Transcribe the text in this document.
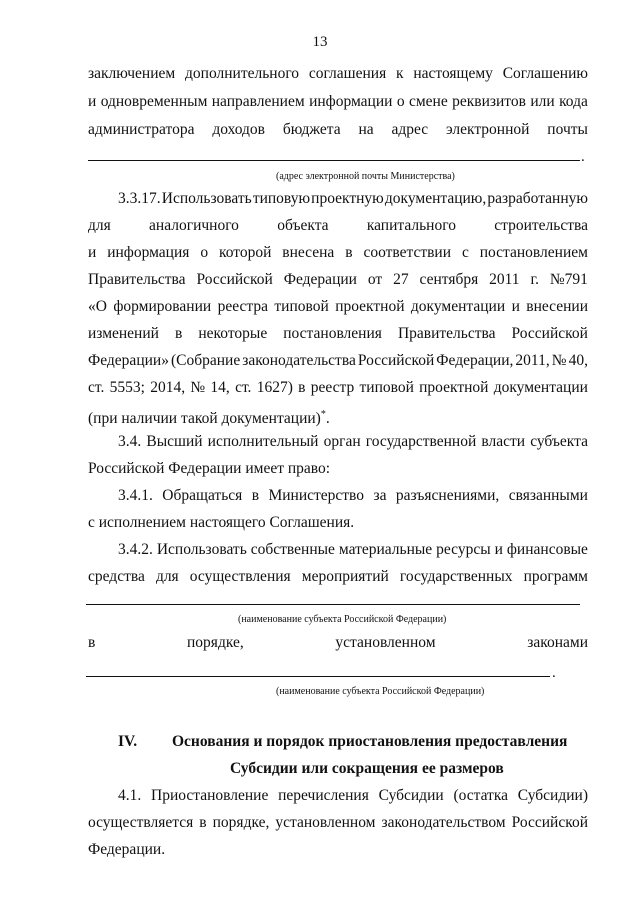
13
заключением дополнительного соглашения к настоящему Соглашению
и одновременным направлением информации о смене реквизитов или кода
администратора доходов бюджета на адрес электронной почты
.
(адрес электронной почты Министерства)
3.3.17. Использовать типовую проектную документацию, разработанную
для аналогичного объекта капитального строительства
и информация о которой внесена в соответствии с постановлением
Правительства Российской Федерации от 27 сентября 2011 г. №791
«О формировании реестра типовой проектной документации и внесении
изменений в некоторые постановления Правительства Российской
Федерации» (Собрание законодательства Российской Федерации, 2011, № 40,
ст. 5553; 2014, № 14, ст. 1627) в реестр типовой проектной документации
(при наличии такой документации)*.
3.4. Высший исполнительный орган государственной власти субъекта
Российской Федерации имеет право:
3.4.1. Обращаться в Министерство за разъяснениями, связанными
с исполнением настоящего Соглашения.
3.4.2. Использовать собственные материальные ресурсы и финансовые
средства для осуществления мероприятий государственных программ
(наименование субъекта Российской Федерации)
в	порядке,	установленном	законами
.
(наименование субъекта Российской Федерации)
IV. Основания и порядок приостановления предоставления
Субсидии или сокращения ее размеров
4.1. Приостановление перечисления Субсидии (остатка Субсидии)
осуществляется в порядке, установленном законодательством Российской
Федерации.
